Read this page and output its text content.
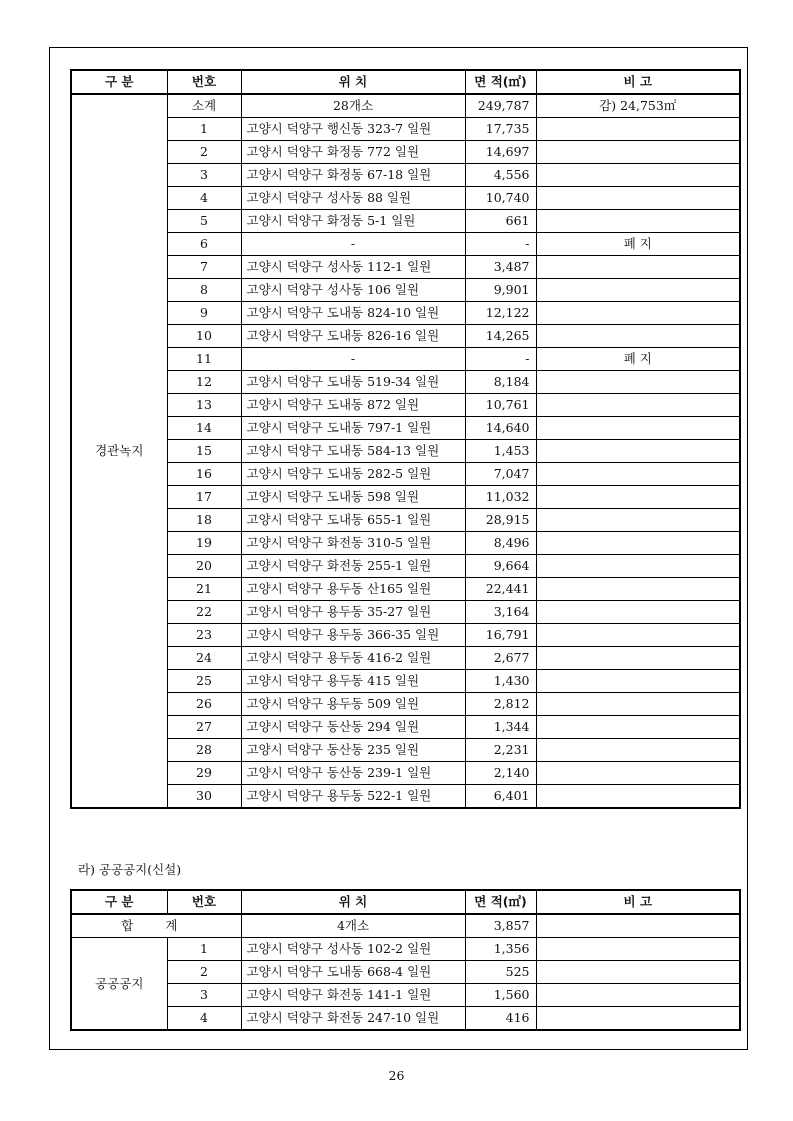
구 분	번호	위 치	면 적(㎡)	비 고
경관녹지	소계	28개소	249,787	감) 24,753㎡
	1	고양시 덕양구 행신동 323-7 일원	17,735	
	2	고양시 덕양구 화정동 772 일원	14,697	
	3	고양시 덕양구 화정동 67-18 일원	4,556	
	4	고양시 덕양구 성사동 88 일원	10,740	
	5	고양시 덕양구 화정동 5-1 일원	661	
	6	-	-	폐 지
	7	고양시 덕양구 성사동 112-1 일원	3,487	
	8	고양시 덕양구 성사동 106 일원	9,901	
	9	고양시 덕양구 도내동 824-10 일원	12,122	
	10	고양시 덕양구 도내동 826-16 일원	14,265	
	11	-	-	폐 지
	12	고양시 덕양구 도내동 519-34 일원	8,184	
	13	고양시 덕양구 도내동 872 일원	10,761	
	14	고양시 덕양구 도내동 797-1 일원	14,640	
	15	고양시 덕양구 도내동 584-13 일원	1,453	
	16	고양시 덕양구 도내동 282-5 일원	7,047	
	17	고양시 덕양구 도내동 598 일원	11,032	
	18	고양시 덕양구 도내동 655-1 일원	28,915	
	19	고양시 덕양구 화전동 310-5 일원	8,496	
	20	고양시 덕양구 화전동 255-1 일원	9,664	
	21	고양시 덕양구 용두동 산165 일원	22,441	
	22	고양시 덕양구 용두동 35-27 일원	3,164	
	23	고양시 덕양구 용두동 366-35 일원	16,791	
	24	고양시 덕양구 용두동 416-2 일원	2,677	
	25	고양시 덕양구 용두동 415 일원	1,430	
	26	고양시 덕양구 용두동 509 일원	2,812	
	27	고양시 덕양구 동산동 294 일원	1,344	
	28	고양시 덕양구 동산동 235 일원	2,231	
	29	고양시 덕양구 동산동 239-1 일원	2,140	
	30	고양시 덕양구 용두동 522-1 일원	6,401	
라) 공공공지(신설)
구 분	번호	위 치	면 적(㎡)	비 고
합 계		4개소	3,857	
공공공지	1	고양시 덕양구 성사동 102-2 일원	1,356	
	2	고양시 덕양구 도내동 668-4 일원	525	
	3	고양시 덕양구 화전동 141-1 일원	1,560	
	4	고양시 덕양구 화전동 247-10 일원	416	
26
